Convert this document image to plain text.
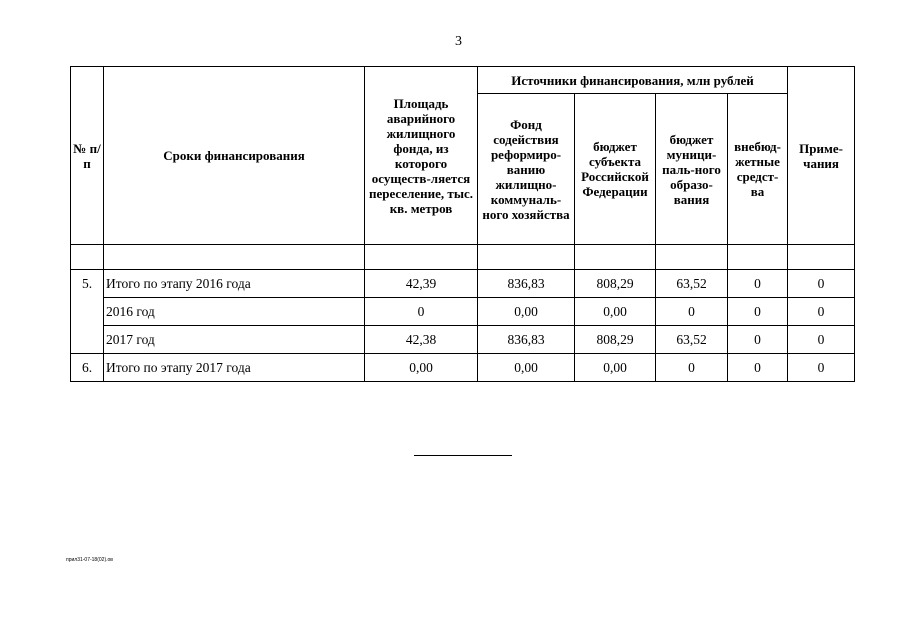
3
№ п/п	Сроки финансирования	Площадь аварийного жилищного фонда, из которого осуществ-ляется переселение, тыс. кв. метров	Источники финансирования, млн рублей				Приме-чания
			Фонд содействия реформиро-ванию жилищно-коммуналь-ного хозяйства	бюджет субъекта Российской Федерации	бюджет муници-паль-ного образо-вания	внебюд-жетные средст-ва	

5.	Итого по этапу 2016 года	42,39	836,83	808,29	63,52	0	0
	2016 год	0	0,00	0,00	0	0	0
	2017 год	42,38	836,83	808,29	63,52	0	0
6.	Итого по этапу 2017 года	0,00	0,00	0,00	0	0	0
прил31-07-18(02).ов
